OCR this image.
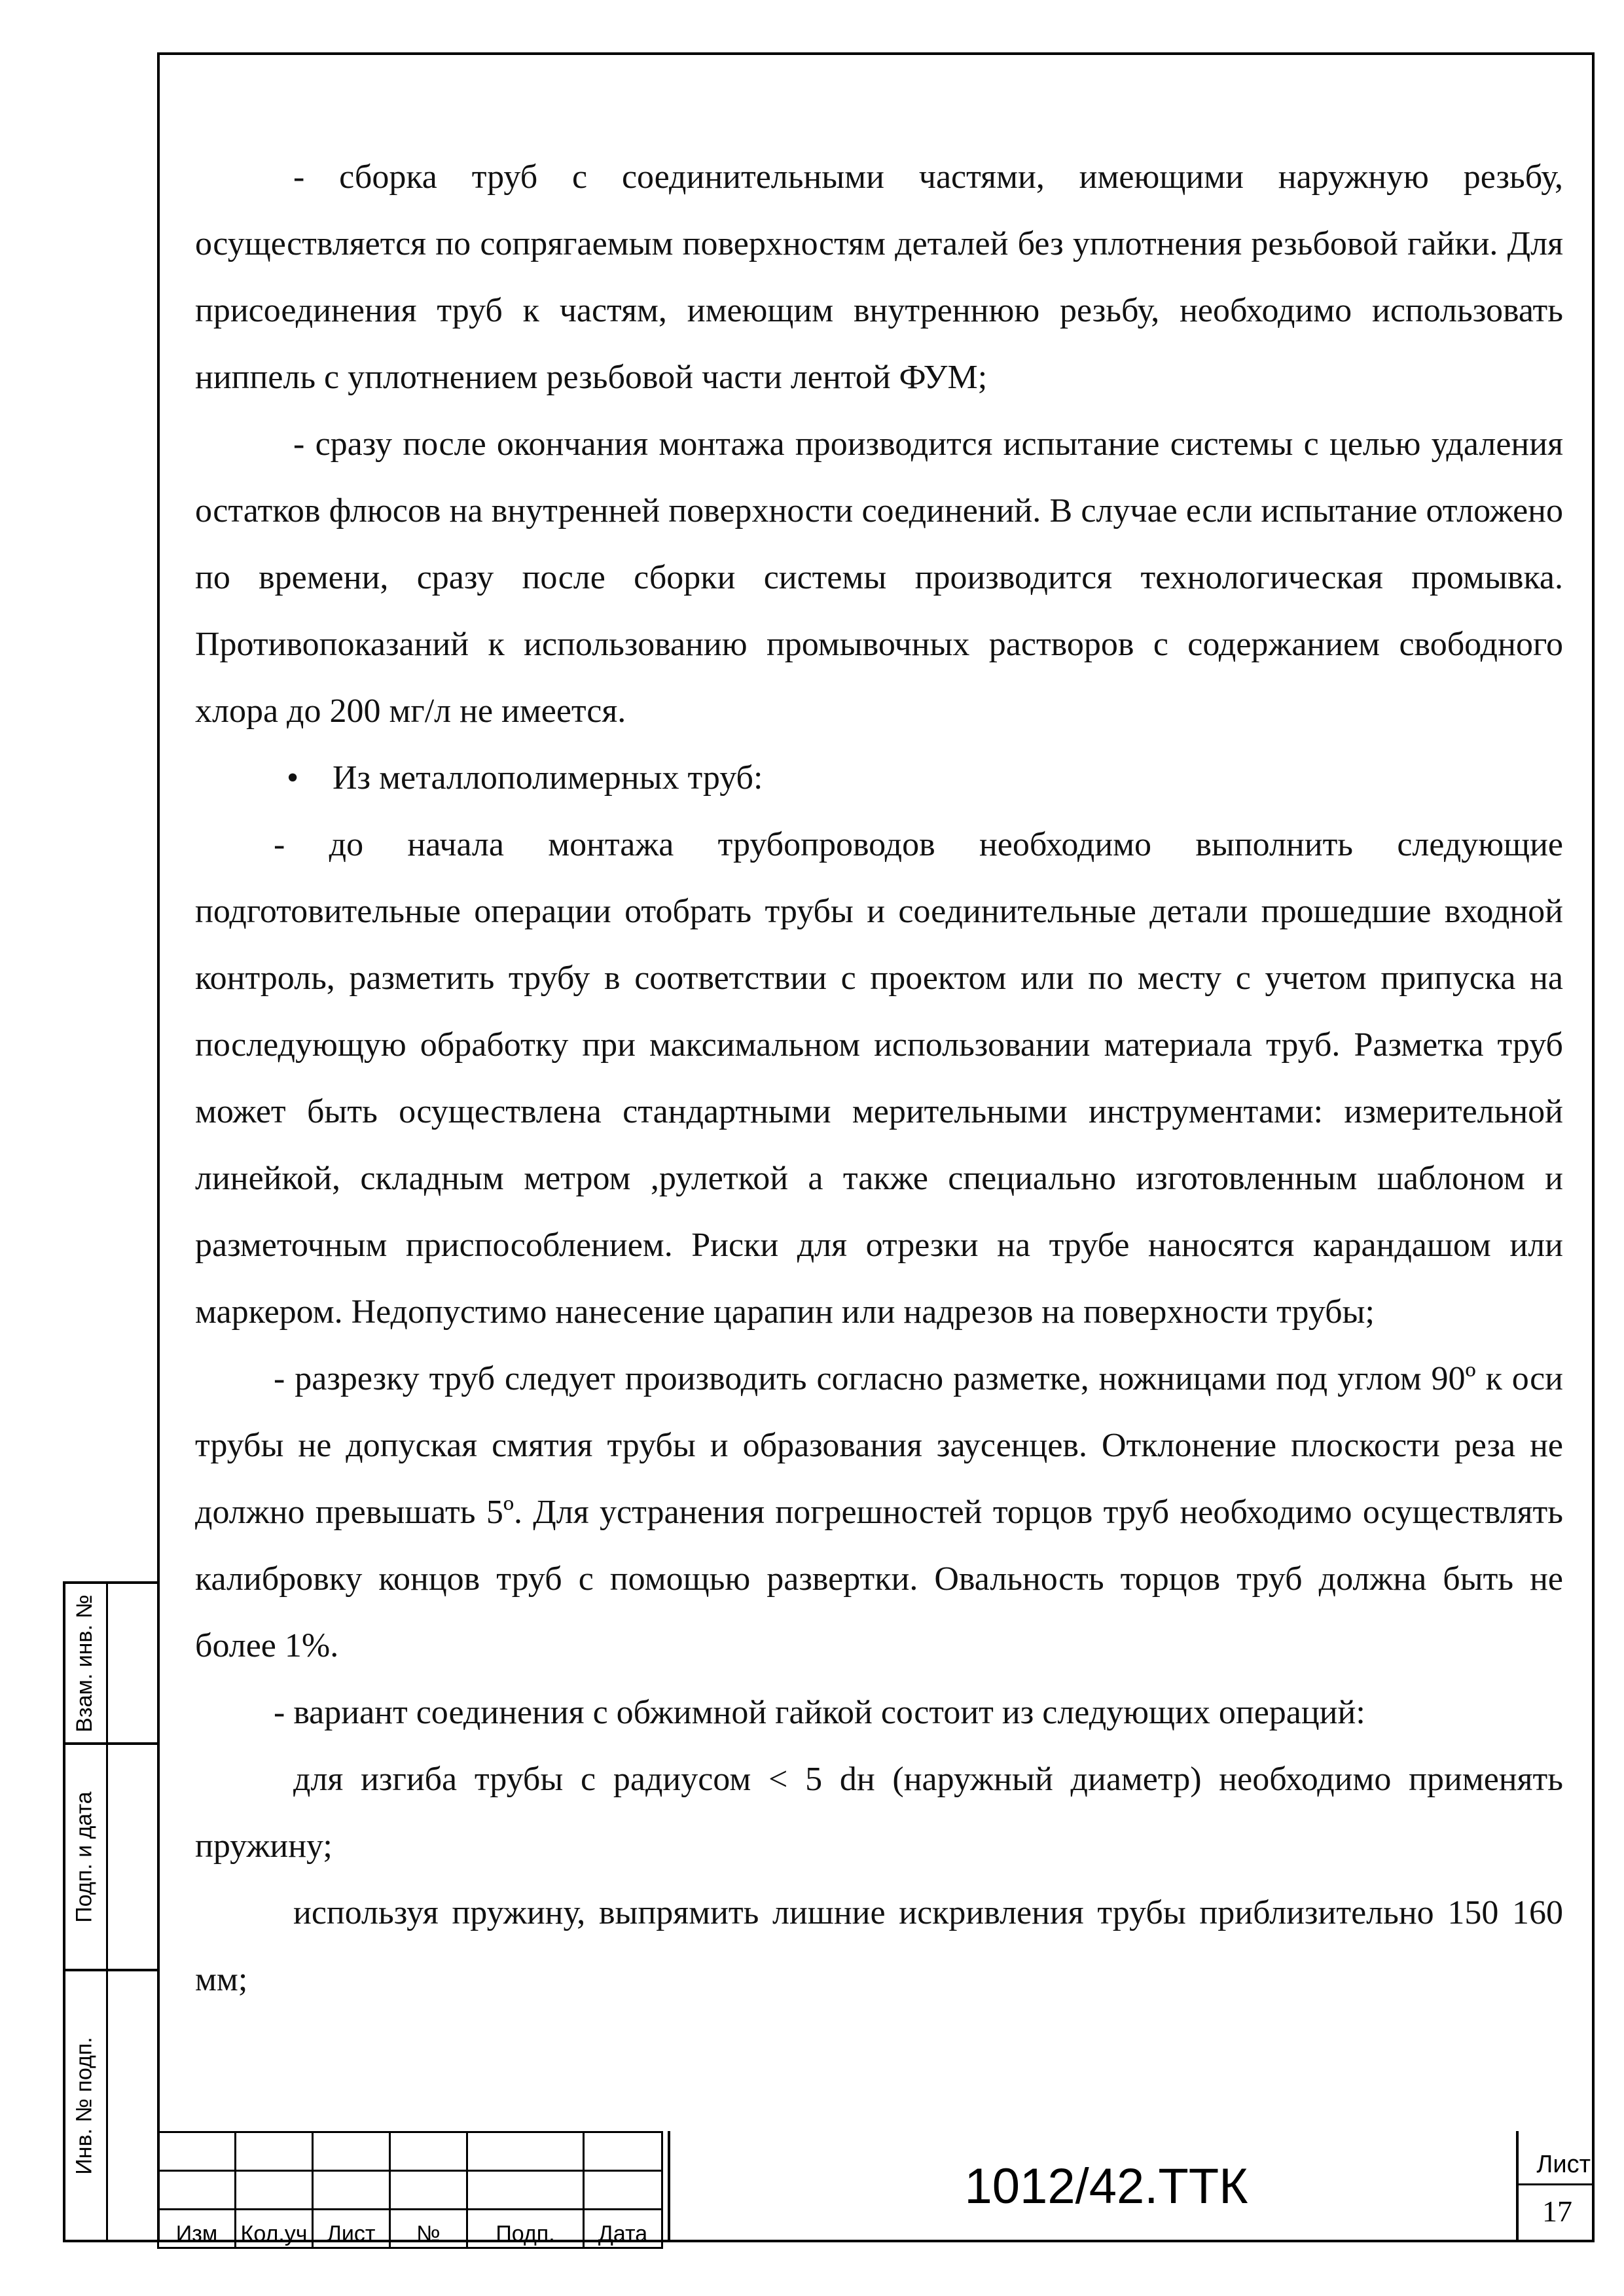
- сборка труб с соединительными частями, имеющими наружную резьбу, осуществляется по сопрягаемым поверхностям деталей без уплотнения резьбовой гайки. Для присоединения труб к частям, имеющим внутреннюю резьбу, необходимо использовать ниппель с уплотнением резьбовой части лентой ФУМ;

- сразу после окончания монтажа производится испытание системы с целью удаления остатков флюсов на внутренней поверхности соединений. В случае если испытание отложено по времени, сразу после сборки системы производится технологическая промывка. Противопоказаний к использованию промывочных растворов с содержанием свободного хлора до 200 мг/л не имеется.

• Из металлополимерных труб:

- до начала монтажа трубопроводов необходимо выполнить следующие подготовительные операции отобрать трубы и соединительные детали прошедшие входной контроль, разметить трубу в соответствии с проектом или по месту с учетом припуска на последующую обработку при максимальном использовании материала труб. Разметка труб может быть осуществлена стандартными мерительными инструментами: измерительной линейкой, складным метром ,рулеткой а также специально изготовленным шаблоном и разметочным приспособлением. Риски для отрезки на трубе наносятся карандашом или маркером. Недопустимо нанесение царапин или надрезов на поверхности трубы;

- разрезку труб следует производить согласно разметке, ножницами под углом 90º к оси трубы не допуская смятия трубы и образования заусенцев. Отклонение плоскости реза не должно превышать 5º. Для устранения погрешностей торцов труб необходимо осуществлять калибровку концов труб с помощью развертки. Овальность торцов труб должна быть не более 1%.

- вариант соединения с обжимной гайкой состоит из следующих операций:

для изгиба трубы с радиусом < 5 dн (наружный диаметр) необходимо применять пружину;

используя пружину, выпрямить лишние искривления трубы приблизительно 150 160 мм;

Взам. инв. №
Подп. и дата
Инв. № подп.

Изм	Кол.уч	Лист	№	Подп.	Дата
1012/42.ТТК	Лист
17
